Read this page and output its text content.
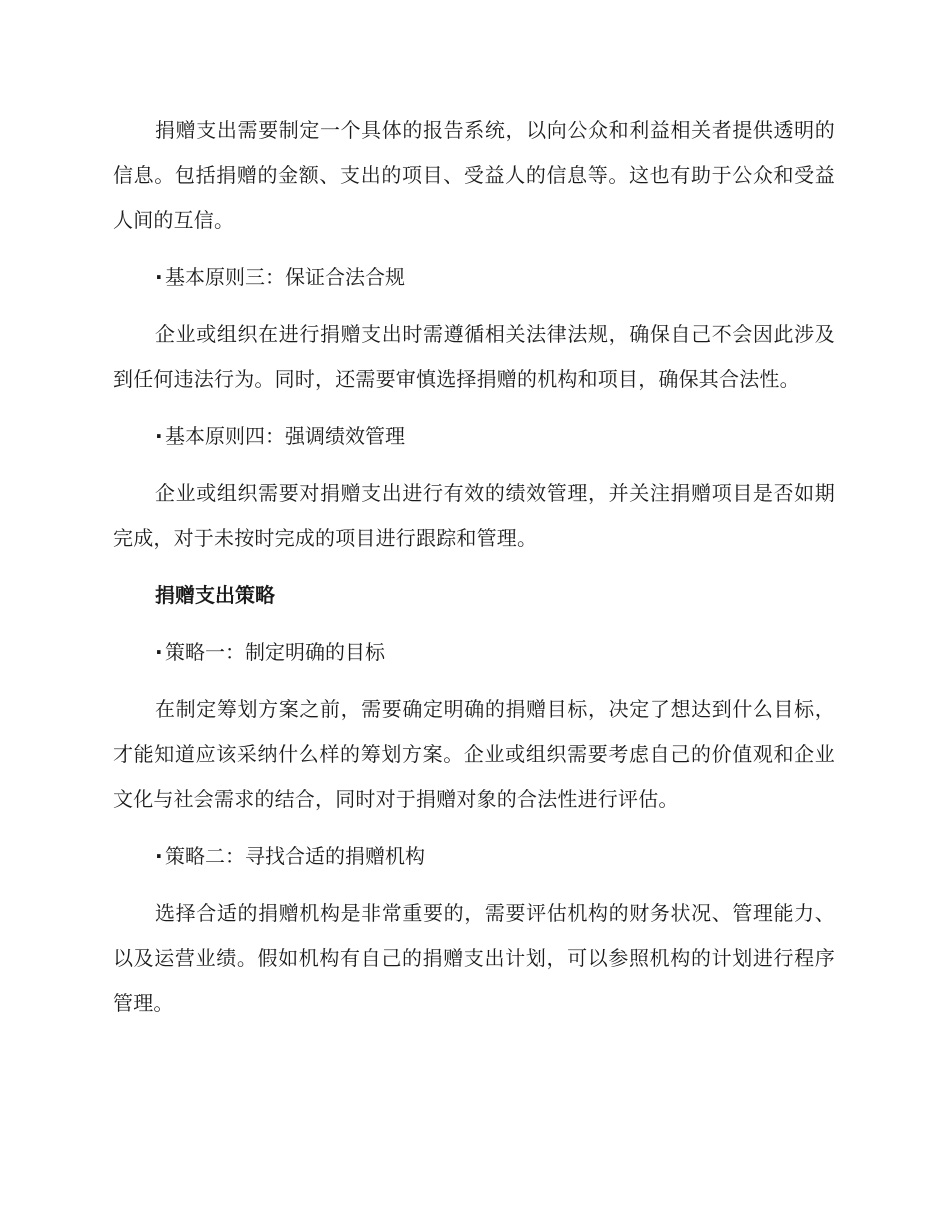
捐赠支出需要制定一个具体的报告系统，以向公众和利益相关者提供透明的信息。包括捐赠的金额、支出的项目、受益人的信息等。这也有助于公众和受益人间的互信。

· 基本原则三：保证合法合规

企业或组织在进行捐赠支出时需遵循相关法律法规，确保自己不会因此涉及到任何违法行为。同时，还需要审慎选择捐赠的机构和项目，确保其合法性。

· 基本原则四：强调绩效管理

企业或组织需要对捐赠支出进行有效的绩效管理，并关注捐赠项目是否如期完成，对于未按时完成的项目进行跟踪和管理。

捐赠支出策略

· 策略一：制定明确的目标

在制定筹划方案之前，需要确定明确的捐赠目标，决定了想达到什么目标，才能知道应该采纳什么样的筹划方案。企业或组织需要考虑自己的价值观和企业文化与社会需求的结合，同时对于捐赠对象的合法性进行评估。

· 策略二：寻找合适的捐赠机构

选择合适的捐赠机构是非常重要的，需要评估机构的财务状况、管理能力、以及运营业绩。假如机构有自己的捐赠支出计划，可以参照机构的计划进行程序管理。
